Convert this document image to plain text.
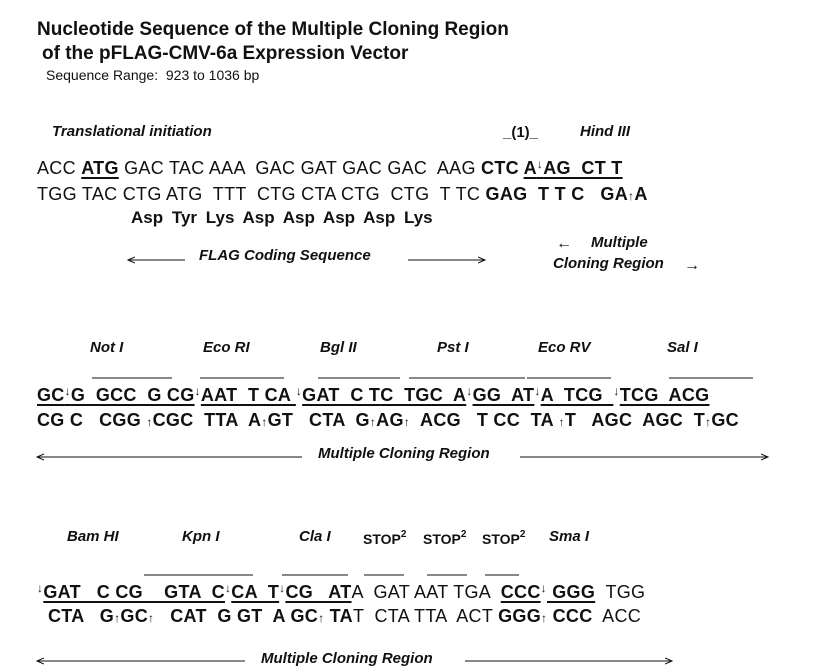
Nucleotide Sequence of the Multiple Cloning Region
of the pFLAG-CMV-6a Expression Vector
Sequence Range:  923 to 1036 bp
Translational initiation	_(1)_	Hind III
ACC ATG GAC TAC AAA  GAC GAT GAC GAC  AAG CTC A↓AG  CT T
TGG TAC CTG ATG  TTT  CTG CTA CTG  CTG  T TC GAG  T T C   GA↑A
Asp Tyr Lys Asp Asp Asp Asp Lys
FLAG Coding Sequence
← Multiple
Cloning Region →
Not I	Eco RI	Bgl II	Pst I	Eco RV	Sal I
GC↓G  GCC  G CG↓AAT  T CA ↓GAT  C TC  TGC  A↓GG  AT↓A  TCG  ↓TCG  ACG
CG C   CGG ↑CGC  TTA  A↑GT   CTA  G↑AG↑  ACG   T CC  TA ↑T   AGC  AGC  T↑GC
Multiple Cloning Region
Bam HI	Kpn I	Cla I STOP$^2$ STOP$^2$ STOP$^2$ Sma I
↓GAT   C CG    GTA  C↓CA  T↓CG   ATA  GAT AAT TGA  CCC↓ GGG  TGG
CTA   G↑GC↑   CAT  G GT  A GC↑ TAT  CTA TTA  ACT GGG↑ CCC  ACC
Multiple Cloning Region
